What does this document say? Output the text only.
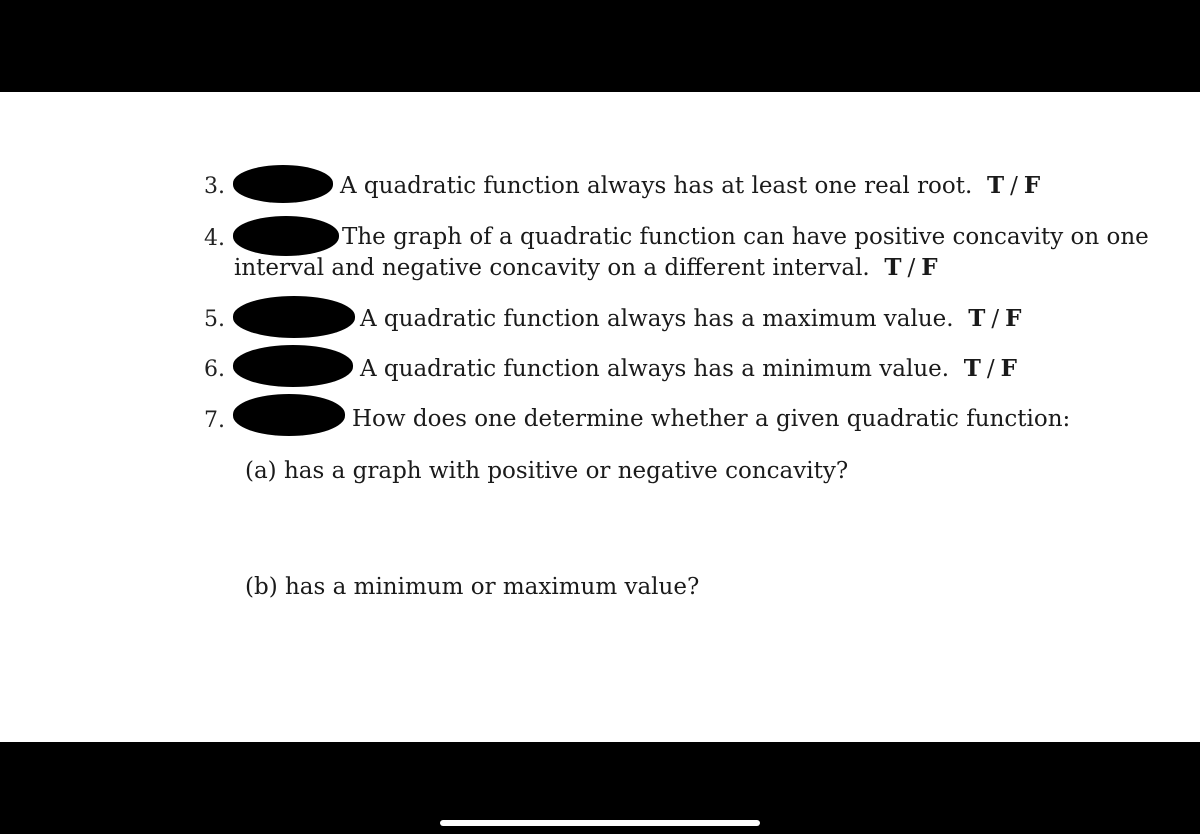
3.	A quadratic function always has at least one real root. T / F
4.	The graph of a quadratic function can have positive concavity on one
interval and negative concavity on a different interval. T / F
5.	A quadratic function always has a maximum value. T / F
6.	A quadratic function always has a minimum value. T / F
7.	How does one determine whether a given quadratic function:
(a) has a graph with positive or negative concavity?
(b) has a minimum or maximum value?
